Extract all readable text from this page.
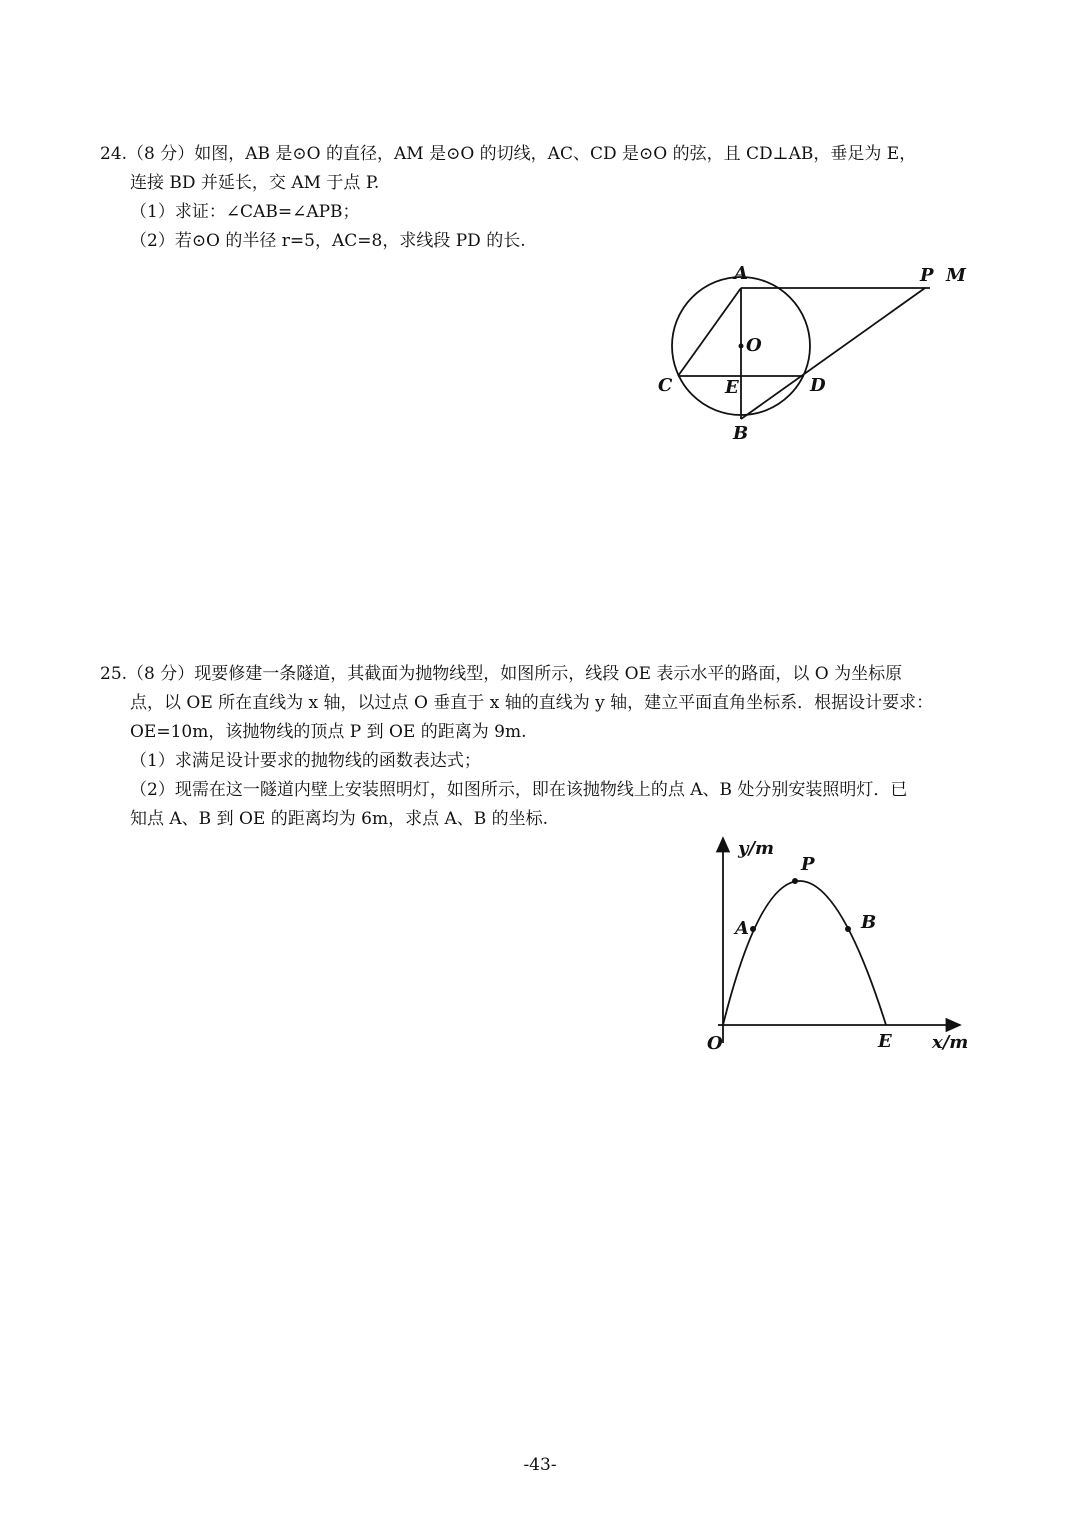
24.（8 分）如图，AB 是⊙O 的直径，AM 是⊙O 的切线，AC、CD 是⊙O 的弦，且 CD⊥AB，垂足为 E，

连接 BD 并延长，交 AM 于点 P.

（1）求证：∠CAB=∠APB；

（2）若⊙O 的半径 r=5，AC=8，求线段 PD 的长.

A	P M
O
C	E	D
B

25.（8 分）现要修建一条隧道，其截面为抛物线型，如图所示，线段 OE 表示水平的路面，以 O 为坐标原

点，以 OE 所在直线为 x 轴，以过点 O 垂直于 x 轴的直线为 y 轴，建立平面直角坐标系．根据设计要求：

OE=10m，该抛物线的顶点 P 到 OE 的距离为 9m.

（1）求满足设计要求的抛物线的函数表达式；

（2）现需在这一隧道内壁上安装照明灯，如图所示，即在该抛物线上的点 A、B 处分别安装照明灯．已

知点 A、B 到 OE 的距离均为 6m，求点 A、B 的坐标.

y/m
x/m
O	E
P
A	B
-43-
